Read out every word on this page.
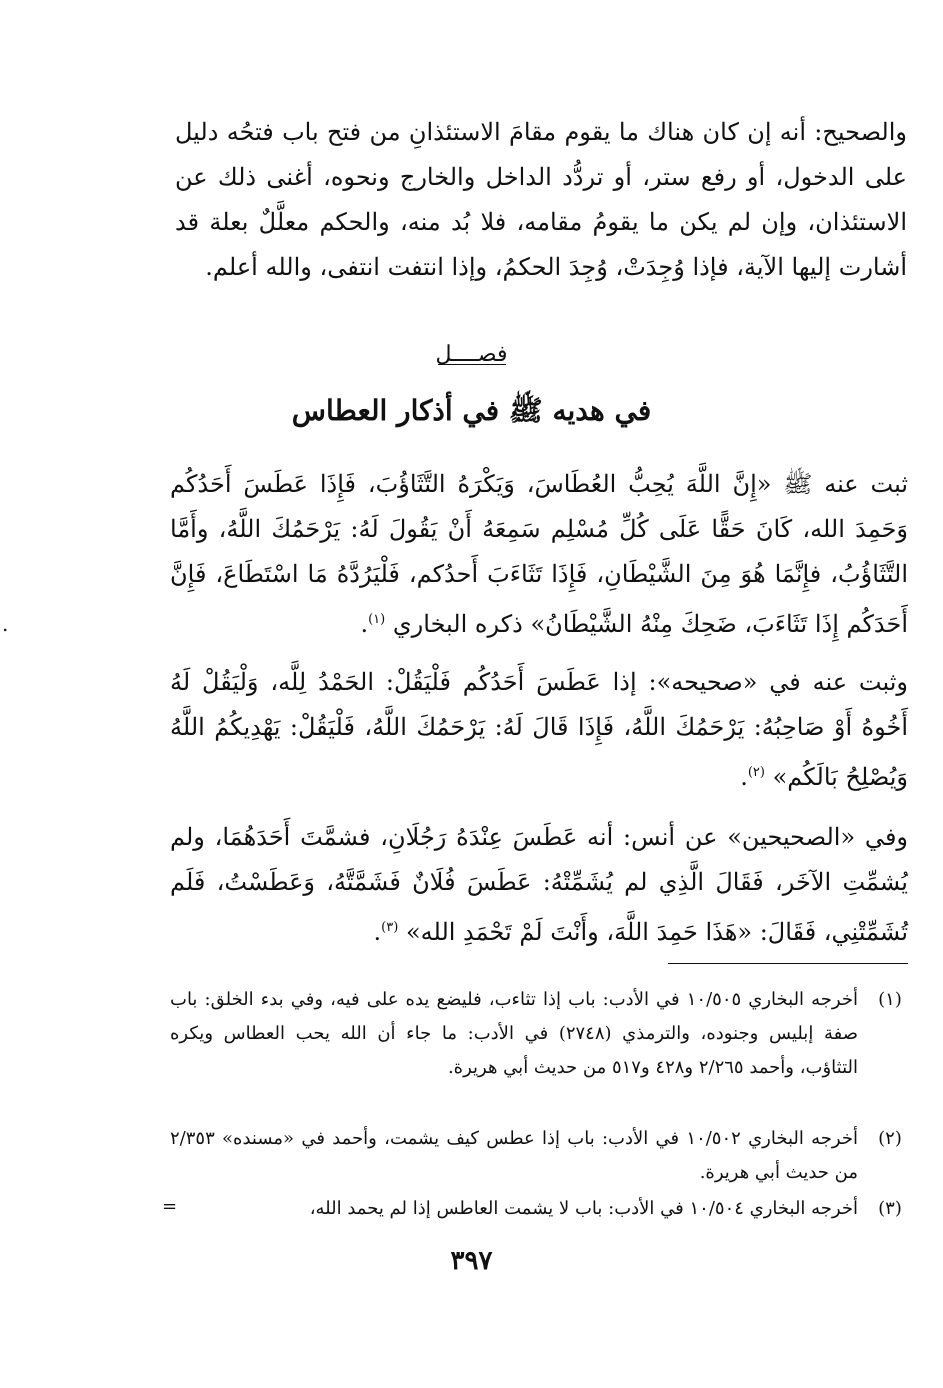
والصحيح: أنه إن كان هناك ما يقوم مقامَ الاستئذانِ من فتح باب فتحُه دليل على الدخول، أو رفع ستر، أو تردُّد الداخل والخارج ونحوه، أغنى ذلك عن الاستئذان، وإن لم يكن ما يقومُ مقامه، فلا بُد منه، والحكم معلَّلٌ بعلة قد أشارت إليها الآية، فإذا وُجِدَتْ، وُجِدَ الحكمُ، وإذا انتفت انتفى، والله أعلم.
فصــــل
في هديه ﷺ في أذكار العطاس
ثبت عنه ﷺ «إِنَّ اللَّهَ يُحِبُّ العُطَاسَ، وَيَكْرَهُ التَّثَاؤُبَ، فَإِذَا عَطَسَ أَحَدُكُم وَحَمِدَ الله، كَانَ حَقًّا عَلَى كُلِّ مُسْلِم سَمِعَهُ أَنْ يَقُولَ لَهُ: يَرْحَمُكَ اللَّهُ، وأَمَّا التَّثَاؤُبُ، فإِنَّمَا هُوَ مِنَ الشَّيْطَانِ، فَإِذَا تَثَاءَبَ أَحدُكم، فَلْيَرُدَّهُ مَا اسْتَطَاعَ، فَإِنَّ أَحَدَكُم إِذَا تَثَاءَبَ، ضَحِكَ مِنْهُ الشَّيْطَانُ» ذكره البخاري $^{(١)}$.
وثبت عنه في «صحيحه»: إذا عَطَسَ أَحَدُكُم فَلْيَقُلْ: الحَمْدُ لِلَّه، وَلْيَقُلْ لَهُ أَخُوهُ أَوْ صَاحِبُهُ: يَرْحَمُكَ اللَّهُ، فَإِذَا قَالَ لَهُ: يَرْحَمُكَ اللَّهُ، فَلْيَقُلْ: يَهْدِيكُمُ اللَّهُ وَيُصْلِحُ بَالَكُم» $^{(٢)}$.
وفي «الصحيحين» عن أنس: أنه عَطَسَ عِنْدَهُ رَجُلَانِ، فشمَّتَ أَحَدَهُمَا، ولم يُشمِّتِ الآخَر، فَقَالَ الَّذِي لم يُشَمِّتْهُ: عَطَسَ فُلَانٌ فَشَمَّتَّهُ، وَعَطَسْتُ، فَلَم تُشَمِّتْنِي، فَقَالَ: «هَذَا حَمِدَ اللَّهَ، وأَنْتَ لَمْ تَحْمَدِ الله» $^{(٣)}$.
(١)
أخرجه البخاري ١٠/٥٠٥ في الأدب: باب إذا تثاءب، فليضع يده على فيه، وفي بدء الخلق: باب صفة إبليس وجنوده، والترمذي (٢٧٤٨) في الأدب: ما جاء أن الله يحب العطاس ويكره التثاؤب، وأحمد ٢/٢٦٥ و٤٢٨ و٥١٧ من حديث أبي هريرة.
(٢)
أخرجه البخاري ١٠/٥٠٢ في الأدب: باب إذا عطس كيف يشمت، وأحمد في «مسنده» ٢/٣٥٣ من حديث أبي هريرة.
(٣)
أخرجه البخاري ١٠/٥٠٤ في الأدب: باب لا يشمت العاطس إذا لم يحمد الله،
=
٣٩٧
.
